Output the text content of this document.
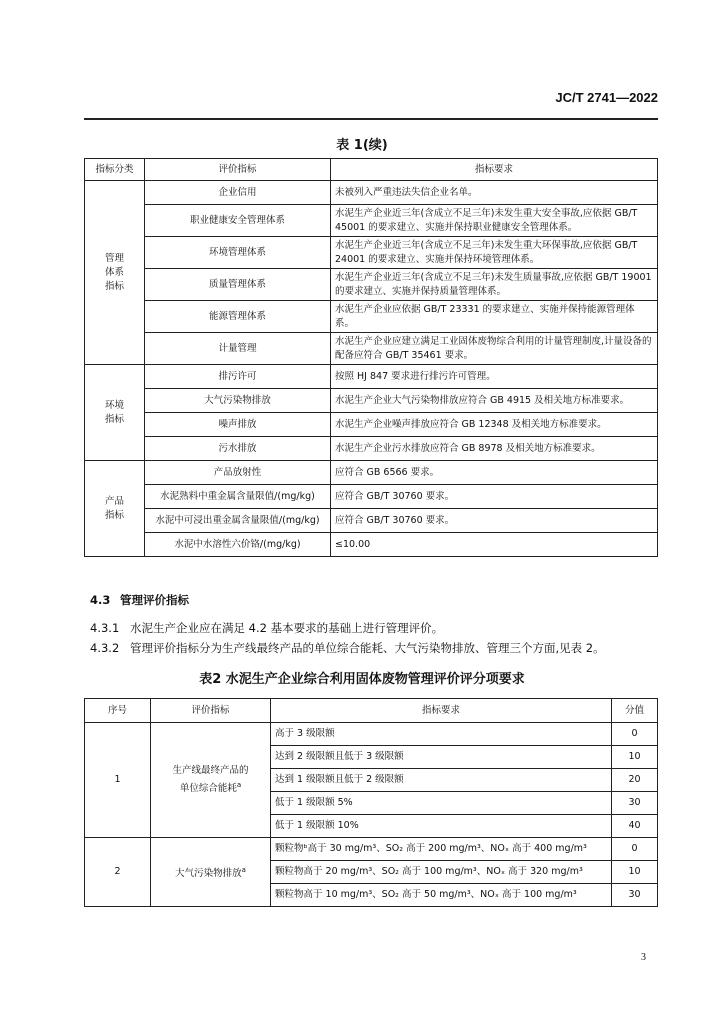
JC/T 2741—2022
表 1(续)
指标分类	评价指标	指标要求
管理
体系
指标	企业信用	未被列入严重违法失信企业名单。
	职业健康安全管理体系	水泥生产企业近三年(含成立不足三年)未发生重大安全事故,应依据 GB/T 45001 的要求建立、实施并保持职业健康安全管理体系。
	环境管理体系	水泥生产企业近三年(含成立不足三年)未发生重大环保事故,应依据 GB/T 24001 的要求建立、实施并保持环境管理体系。
	质量管理体系	水泥生产企业近三年(含成立不足三年)未发生质量事故,应依据 GB/T 19001 的要求建立、实施并保持质量管理体系。
	能源管理体系	水泥生产企业应依据 GB/T 23331 的要求建立、实施并保持能源管理体系。
	计量管理	水泥生产企业应建立满足工业固体废物综合利用的计量管理制度,计量设备的配备应符合 GB/T 35461 要求。
环境
指标	排污许可	按照 HJ 847 要求进行排污许可管理。
	大气污染物排放	水泥生产企业大气污染物排放应符合 GB 4915 及相关地方标准要求。
	噪声排放	水泥生产企业噪声排放应符合 GB 12348 及相关地方标准要求。
	污水排放	水泥生产企业污水排放应符合 GB 8978 及相关地方标准要求。
产品
指标	产品放射性	应符合 GB 6566 要求。
	水泥熟料中重金属含量限值/(mg/kg)	应符合 GB/T 30760 要求。
	水泥中可浸出重金属含量限值/(mg/kg)	应符合 GB/T 30760 要求。
	水泥中水溶性六价铬/(mg/kg)	≤10.00
4.3 管理评价指标
4.3.1 水泥生产企业应在满足 4.2 基本要求的基础上进行管理评价。
4.3.2 管理评价指标分为生产线最终产品的单位综合能耗、大气污染物排放、管理三个方面,见表 2。
表2 水泥生产企业综合利用固体废物管理评价评分项要求
序号	评价指标	指标要求	分值
1	生产线最终产品的
单位综合能耗$^a$	高于 3 级限额	0
		达到 2 级限额且低于 3 级限额	10
		达到 1 级限额且低于 2 级限额	20
		低于 1 级限额 5%	30
		低于 1 级限额 10%	40
2	大气污染物排放$^a$	颗粒物ᵇ高于 30 mg/m³、SO₂ 高于 200 mg/m³、NOₓ 高于 400 mg/m³	0
		颗粒物高于 20 mg/m³、SO₂ 高于 100 mg/m³、NOₓ 高于 320 mg/m³	10
		颗粒物高于 10 mg/m³、SO₂ 高于 50 mg/m³、NOₓ 高于 100 mg/m³	30
3
